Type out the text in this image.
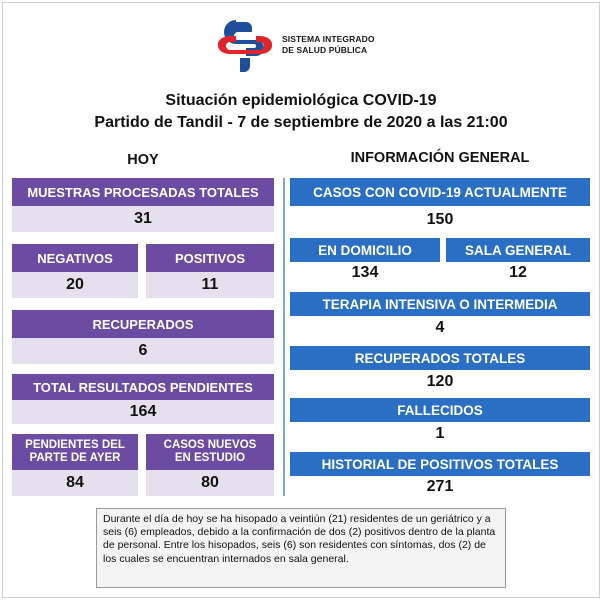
SISTEMA INTEGRADO
DE SALUD PÚBLICA
Situación epidemiológica COVID-19
Partido de Tandil - 7 de septiembre de 2020 a las 21:00
HOY	INFORMACIÓN GENERAL
MUESTRAS PROCESADAS TOTALES
31
NEGATIVOS
20
POSITIVOS
11
RECUPERADOS
6
TOTAL RESULTADOS PENDIENTES
164
PENDIENTES DEL
PARTE DE AYER
84
CASOS NUEVOS
EN ESTUDIO
80
CASOS CON COVID-19 ACTUALMENTE
150
EN DOMICILIO
134
SALA GENERAL
12
TERAPIA INTENSIVA O INTERMEDIA
4
RECUPERADOS TOTALES
120
FALLECIDOS
1
HISTORIAL DE POSITIVOS TOTALES
271
Durante el día de hoy se ha hisopado a veintiún (21) residentes de un geriátrico y a seis (6) empleados, debido a la confirmación de dos (2) positivos dentro de la planta de personal. Entre los hisopados, seis (6) son residentes con síntomas, dos (2) de los cuales se encuentran internados en sala general.
